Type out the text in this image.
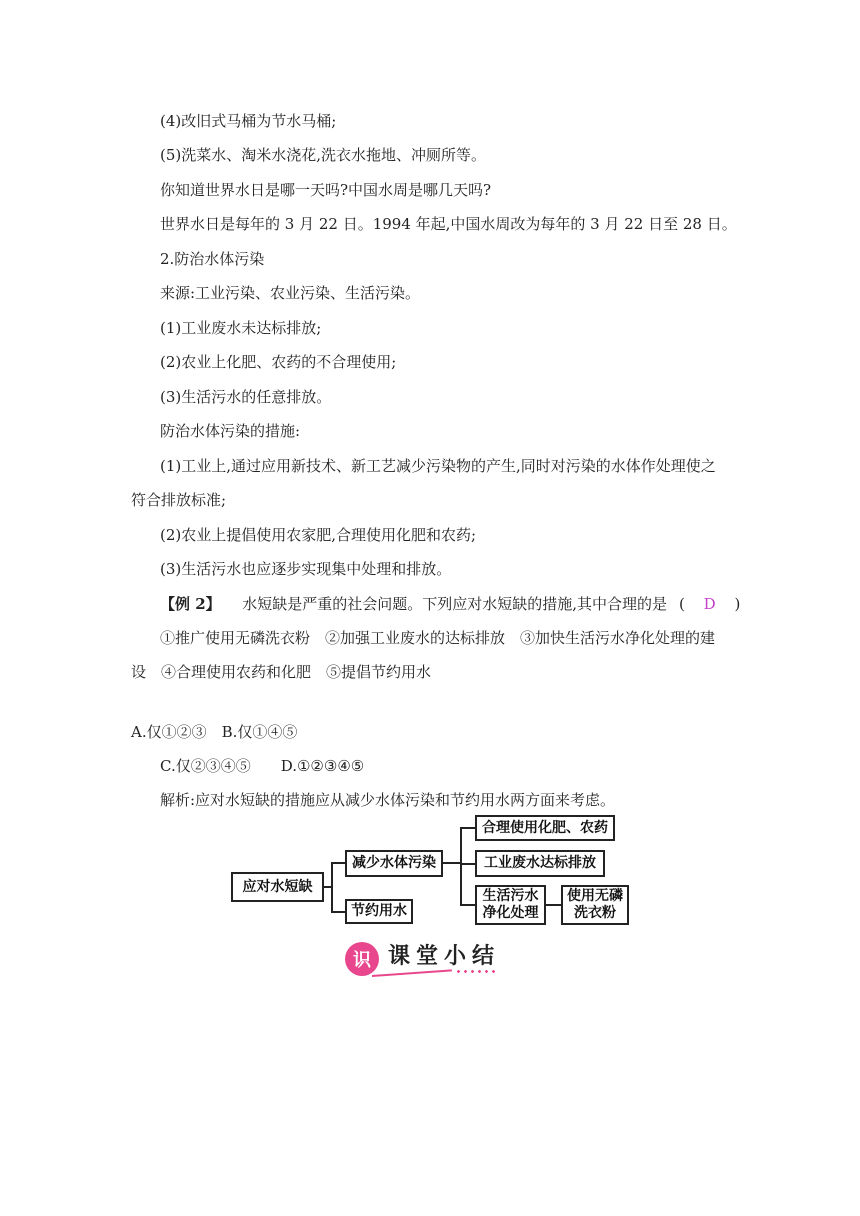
(4)改旧式马桶为节水马桶;
(5)洗菜水、淘米水浇花,洗衣水拖地、冲厕所等。
你知道世界水日是哪一天吗?中国水周是哪几天吗?
世界水日是每年的 3 月 22 日。1994 年起,中国水周改为每年的 3 月 22 日至 28 日。
2.防治水体污染
来源:工业污染、农业污染、生活污染。
(1)工业废水未达标排放;
(2)农业上化肥、农药的不合理使用;
(3)生活污水的任意排放。
防治水体污染的措施:
(1)工业上,通过应用新技术、新工艺减少污染物的产生,同时对污染的水体作处理使之
符合排放标准;
(2)农业上提倡使用农家肥,合理使用化肥和农药;
(3)生活污水也应逐步实现集中处理和排放。
【例 2】 水短缺是严重的社会问题。下列应对水短缺的措施,其中合理的是 ( D )
①推广使用无磷洗衣粉　②加强工业废水的达标排放　③加快生活污水净化处理的建
设　④合理使用农药和化肥　⑤提倡节约用水
A.仅①②③　B.仅①④⑤
C.仅②③④⑤　　D.①②③④⑤
解析:应对水短缺的措施应从减少水体污染和节约用水两方面来考虑。
应对水短缺
减少水体污染
节约用水
合理使用化肥、农药
工业废水达标排放
生活污水净化处理
使用无磷洗衣粉
识 课堂小结
